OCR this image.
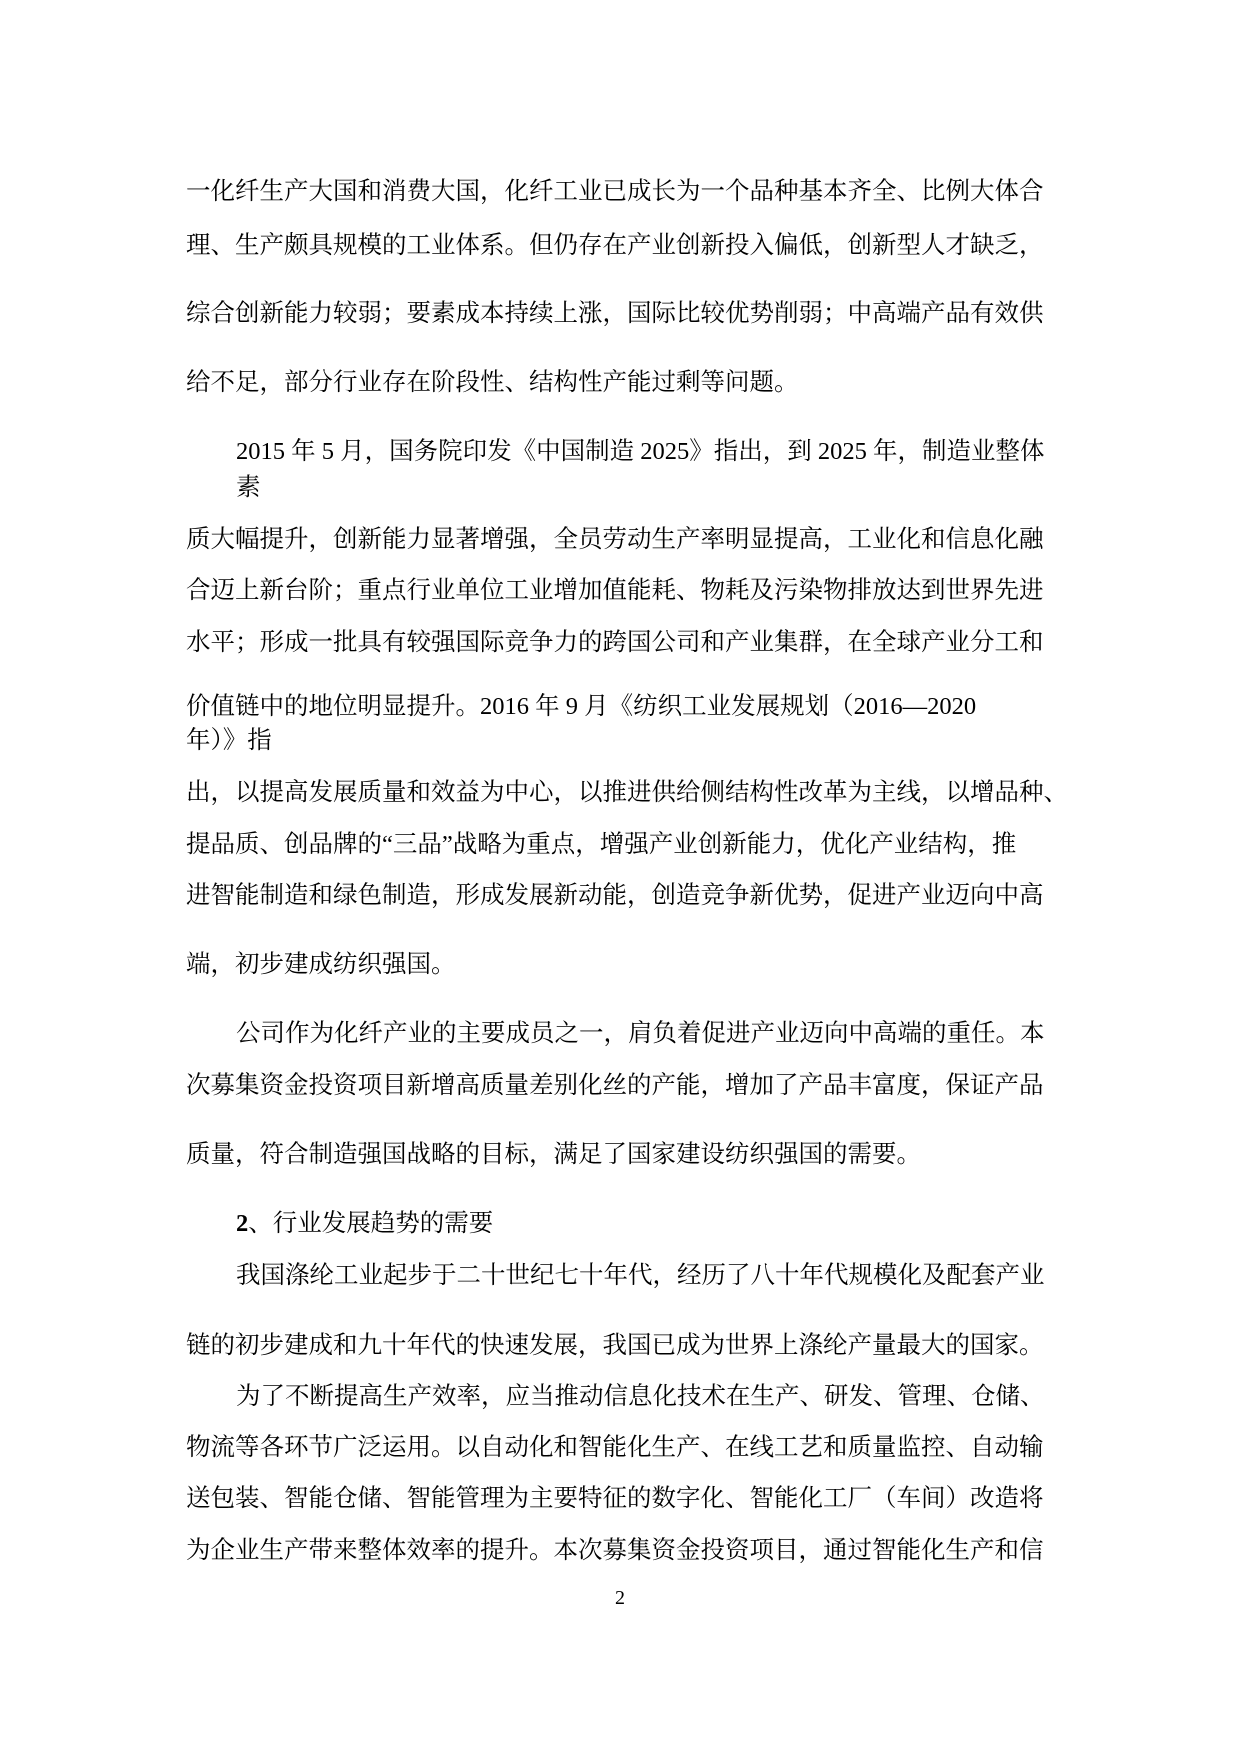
一化纤生产大国和消费大国，化纤工业已成长为一个品种基本齐全、比例大体合
理、生产颇具规模的工业体系。但仍存在产业创新投入偏低，创新型人才缺乏，
综合创新能力较弱；要素成本持续上涨，国际比较优势削弱；中高端产品有效供
给不足，部分行业存在阶段性、结构性产能过剩等问题。
2015 年 5 月，国务院印发《中国制造 2025》指出，到 2025 年，制造业整体
素
质大幅提升，创新能力显著增强，全员劳动生产率明显提高，工业化和信息化融
合迈上新台阶；重点行业单位工业增加值能耗、物耗及污染物排放达到世界先进
水平；形成一批具有较强国际竞争力的跨国公司和产业集群，在全球产业分工和
价值链中的地位明显提升。2016 年 9 月《纺织工业发展规划（2016—2020
年）》指
出，以提高发展质量和效益为中心，以推进供给侧结构性改革为主线，以增品种、
提品质、创品牌的“三品”战略为重点，增强产业创新能力，优化产业结构，推
进智能制造和绿色制造，形成发展新动能，创造竞争新优势，促进产业迈向中高
端，初步建成纺织强国。
公司作为化纤产业的主要成员之一，肩负着促进产业迈向中高端的重任。本
次募集资金投资项目新增高质量差别化丝的产能，增加了产品丰富度，保证产品
质量，符合制造强国战略的目标，满足了国家建设纺织强国的需要。
2、行业发展趋势的需要
我国涤纶工业起步于二十世纪七十年代，经历了八十年代规模化及配套产业
链的初步建成和九十年代的快速发展，我国已成为世界上涤纶产量最大的国家。
为了不断提高生产效率，应当推动信息化技术在生产、研发、管理、仓储、
物流等各环节广泛运用。以自动化和智能化生产、在线工艺和质量监控、自动输
送包装、智能仓储、智能管理为主要特征的数字化、智能化工厂（车间）改造将
为企业生产带来整体效率的提升。本次募集资金投资项目，通过智能化生产和信
2
